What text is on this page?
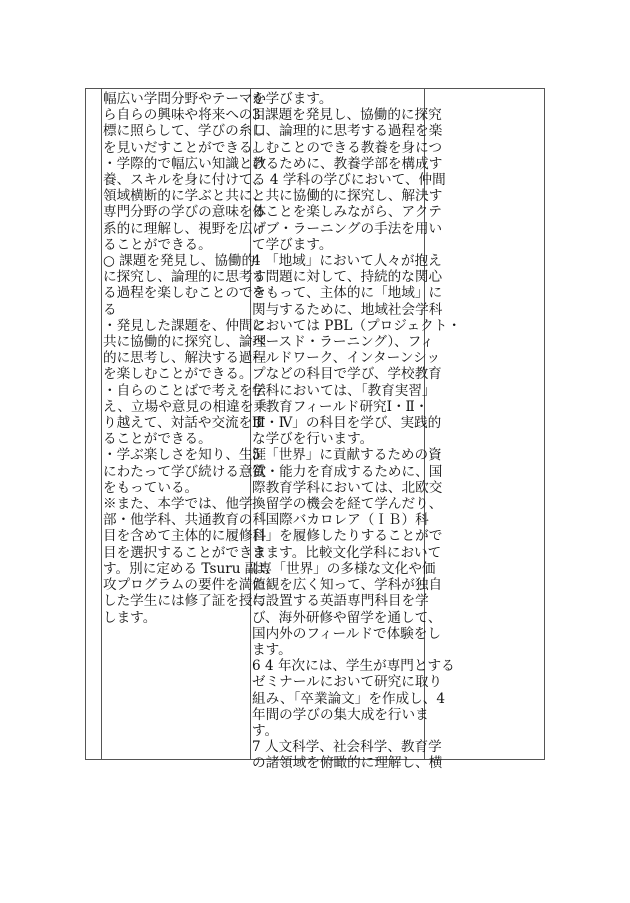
幅広い学問分野やテーマか
ら自らの興味や将来への目
標に照らして、学びの糸口
を見いだすことができる。
・学際的で幅広い知識と教
養、スキルを身に付けて、
領域横断的に学ぶと共に、
専門分野の学びの意味を体
系的に理解し、視野を広げ
ることができる。
○ 課題を発見し、協働的
に探究し、論理的に思考す
る過程を楽しむことのでき
る
・発見した課題を、仲間と
共に協働的に探究し、論理
的に思考し、解決する過程
を楽しむことができる。
・自らのことばで考えを伝
え、立場や意見の相違を乗
り越えて、対話や交流をす
ることができる。
・学ぶ楽しさを知り、生涯
にわたって学び続ける意欲
をもっている。
※また、本学では、他学
部・他学科、共通教育の科
目を含めて主体的に履修科
目を選択することができま
す。別に定める Tsuru 副専
攻プログラムの要件を満た
した学生には修了証を授与
します。
を学びます。
3 課題を発見し、協働的に探究
し、論理的に思考する過程を楽
しむことのできる教養を身につ
けるために、教養学部を構成す
る 4 学科の学びにおいて、仲間
と共に協働的に探究し、解決す
ることを楽しみながら、アクテ
ィブ・ラーニングの手法を用い
て学びます。
4 「地域」において人々が抱え
る問題に対して、持続的な関心
をもって、主体的に「地域」に
関与するために、地域社会学科
においては PBL（プロジェクト・
ベースド・ラーニング）、フィ
ールドワーク、インターンシッ
プなどの科目で学び、学校教育
学科においては、「教育実習」
「教育フィールド研究Ⅰ・Ⅱ・
Ⅲ・Ⅳ」の科目を学び、実践的
な学びを行います。
5 「世界」に貢献するための資
質・能力を育成するために、国
際教育学科においては、北欧交
換留学の機会を経て学んだり、
「国際バカロレア（ＩＢ）科
目」を履修したりすることがで
きます。比較文化学科において
は、「世界」の多様な文化や価
値観を広く知って、学科が独自
に設置する英語専門科目を学
び、海外研修や留学を通して、
国内外のフィールドで体験をし
ます。
6 4 年次には、学生が専門とする
ゼミナールにおいて研究に取り
組み、「卒業論文」を作成し、4
年間の学びの集大成を行いま
す。
7 人文科学、社会科学、教育学
の諸領域を俯瞰的に理解し、横
